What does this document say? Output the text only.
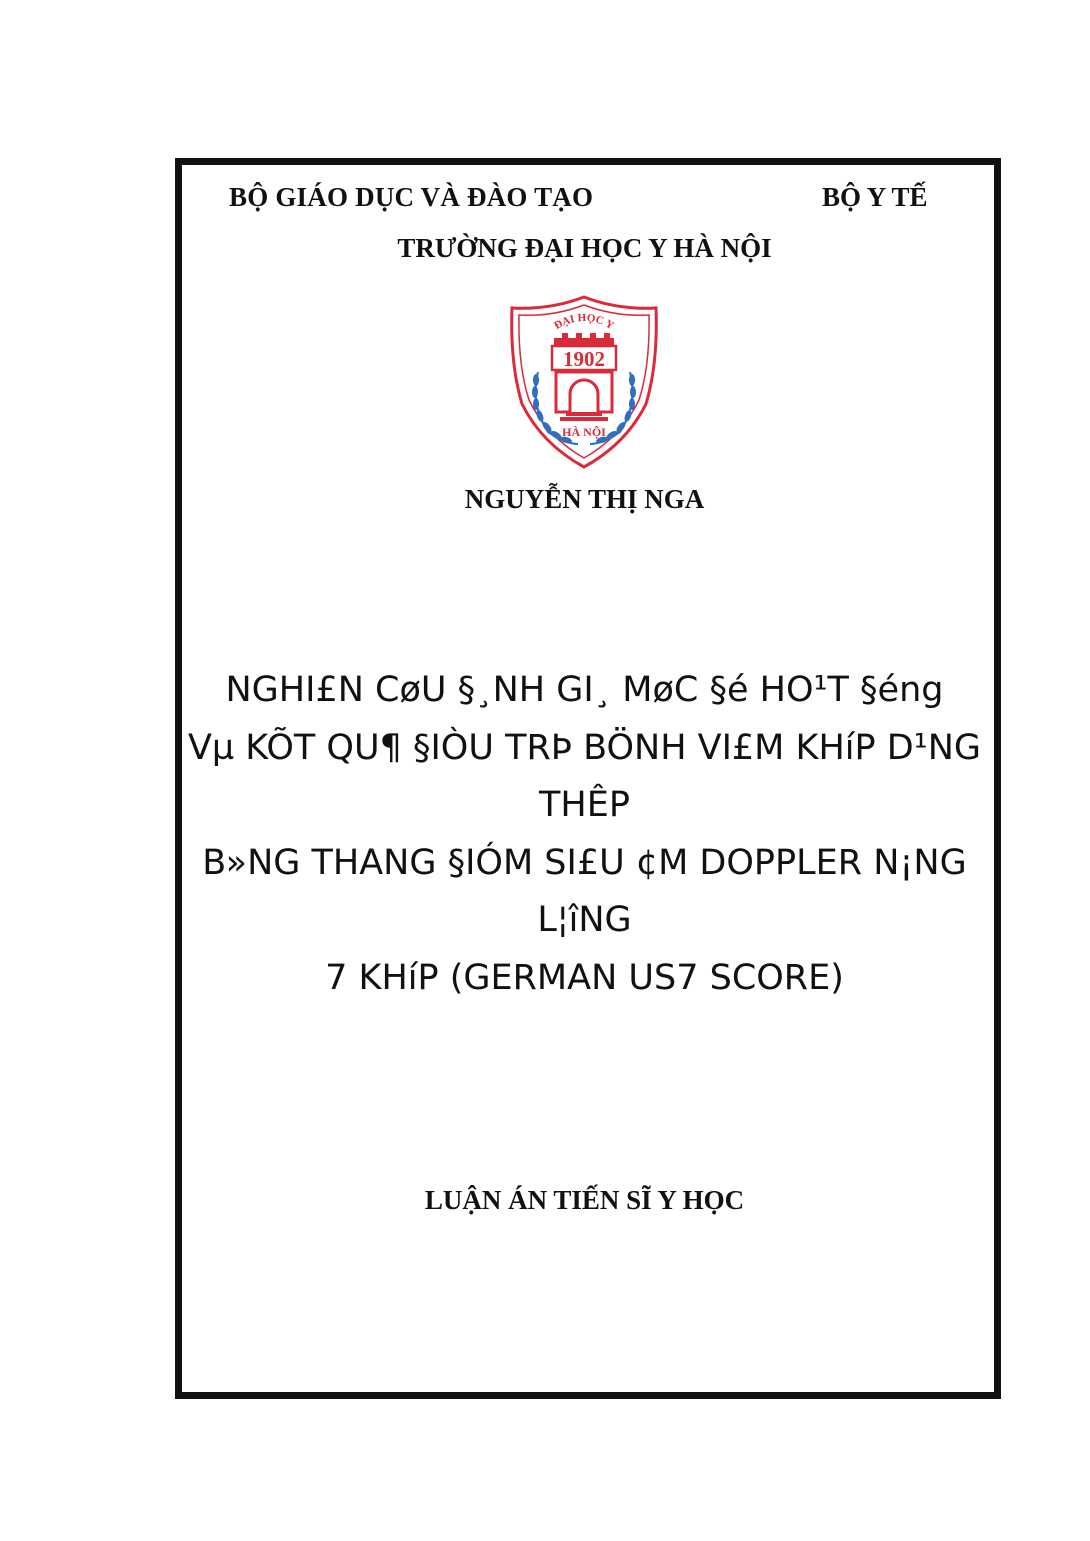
BỘ GIÁO DỤC VÀ ĐÀO TẠO	BỘ Y TẾ
TRƯỜNG ĐẠI HỌC Y HÀ NỘI
ĐẠI HỌC Y
1902
HÀ NỘI
NGUYỄN THỊ NGA
NGHI£N CøU §¸NH GI¸ MøC §é HO¹T §éng
Vµ KÕT QU¶ §IÒU TRÞ BÖNH VI£M KHíP D¹NG
THÊP
B»NG THANG §IÓM SI£U ¢M DOPPLER N¡NG
L¦îNG
7 KHíP (GERMAN US7 SCORE)
LUẬN ÁN TIẾN SĨ Y HỌC
